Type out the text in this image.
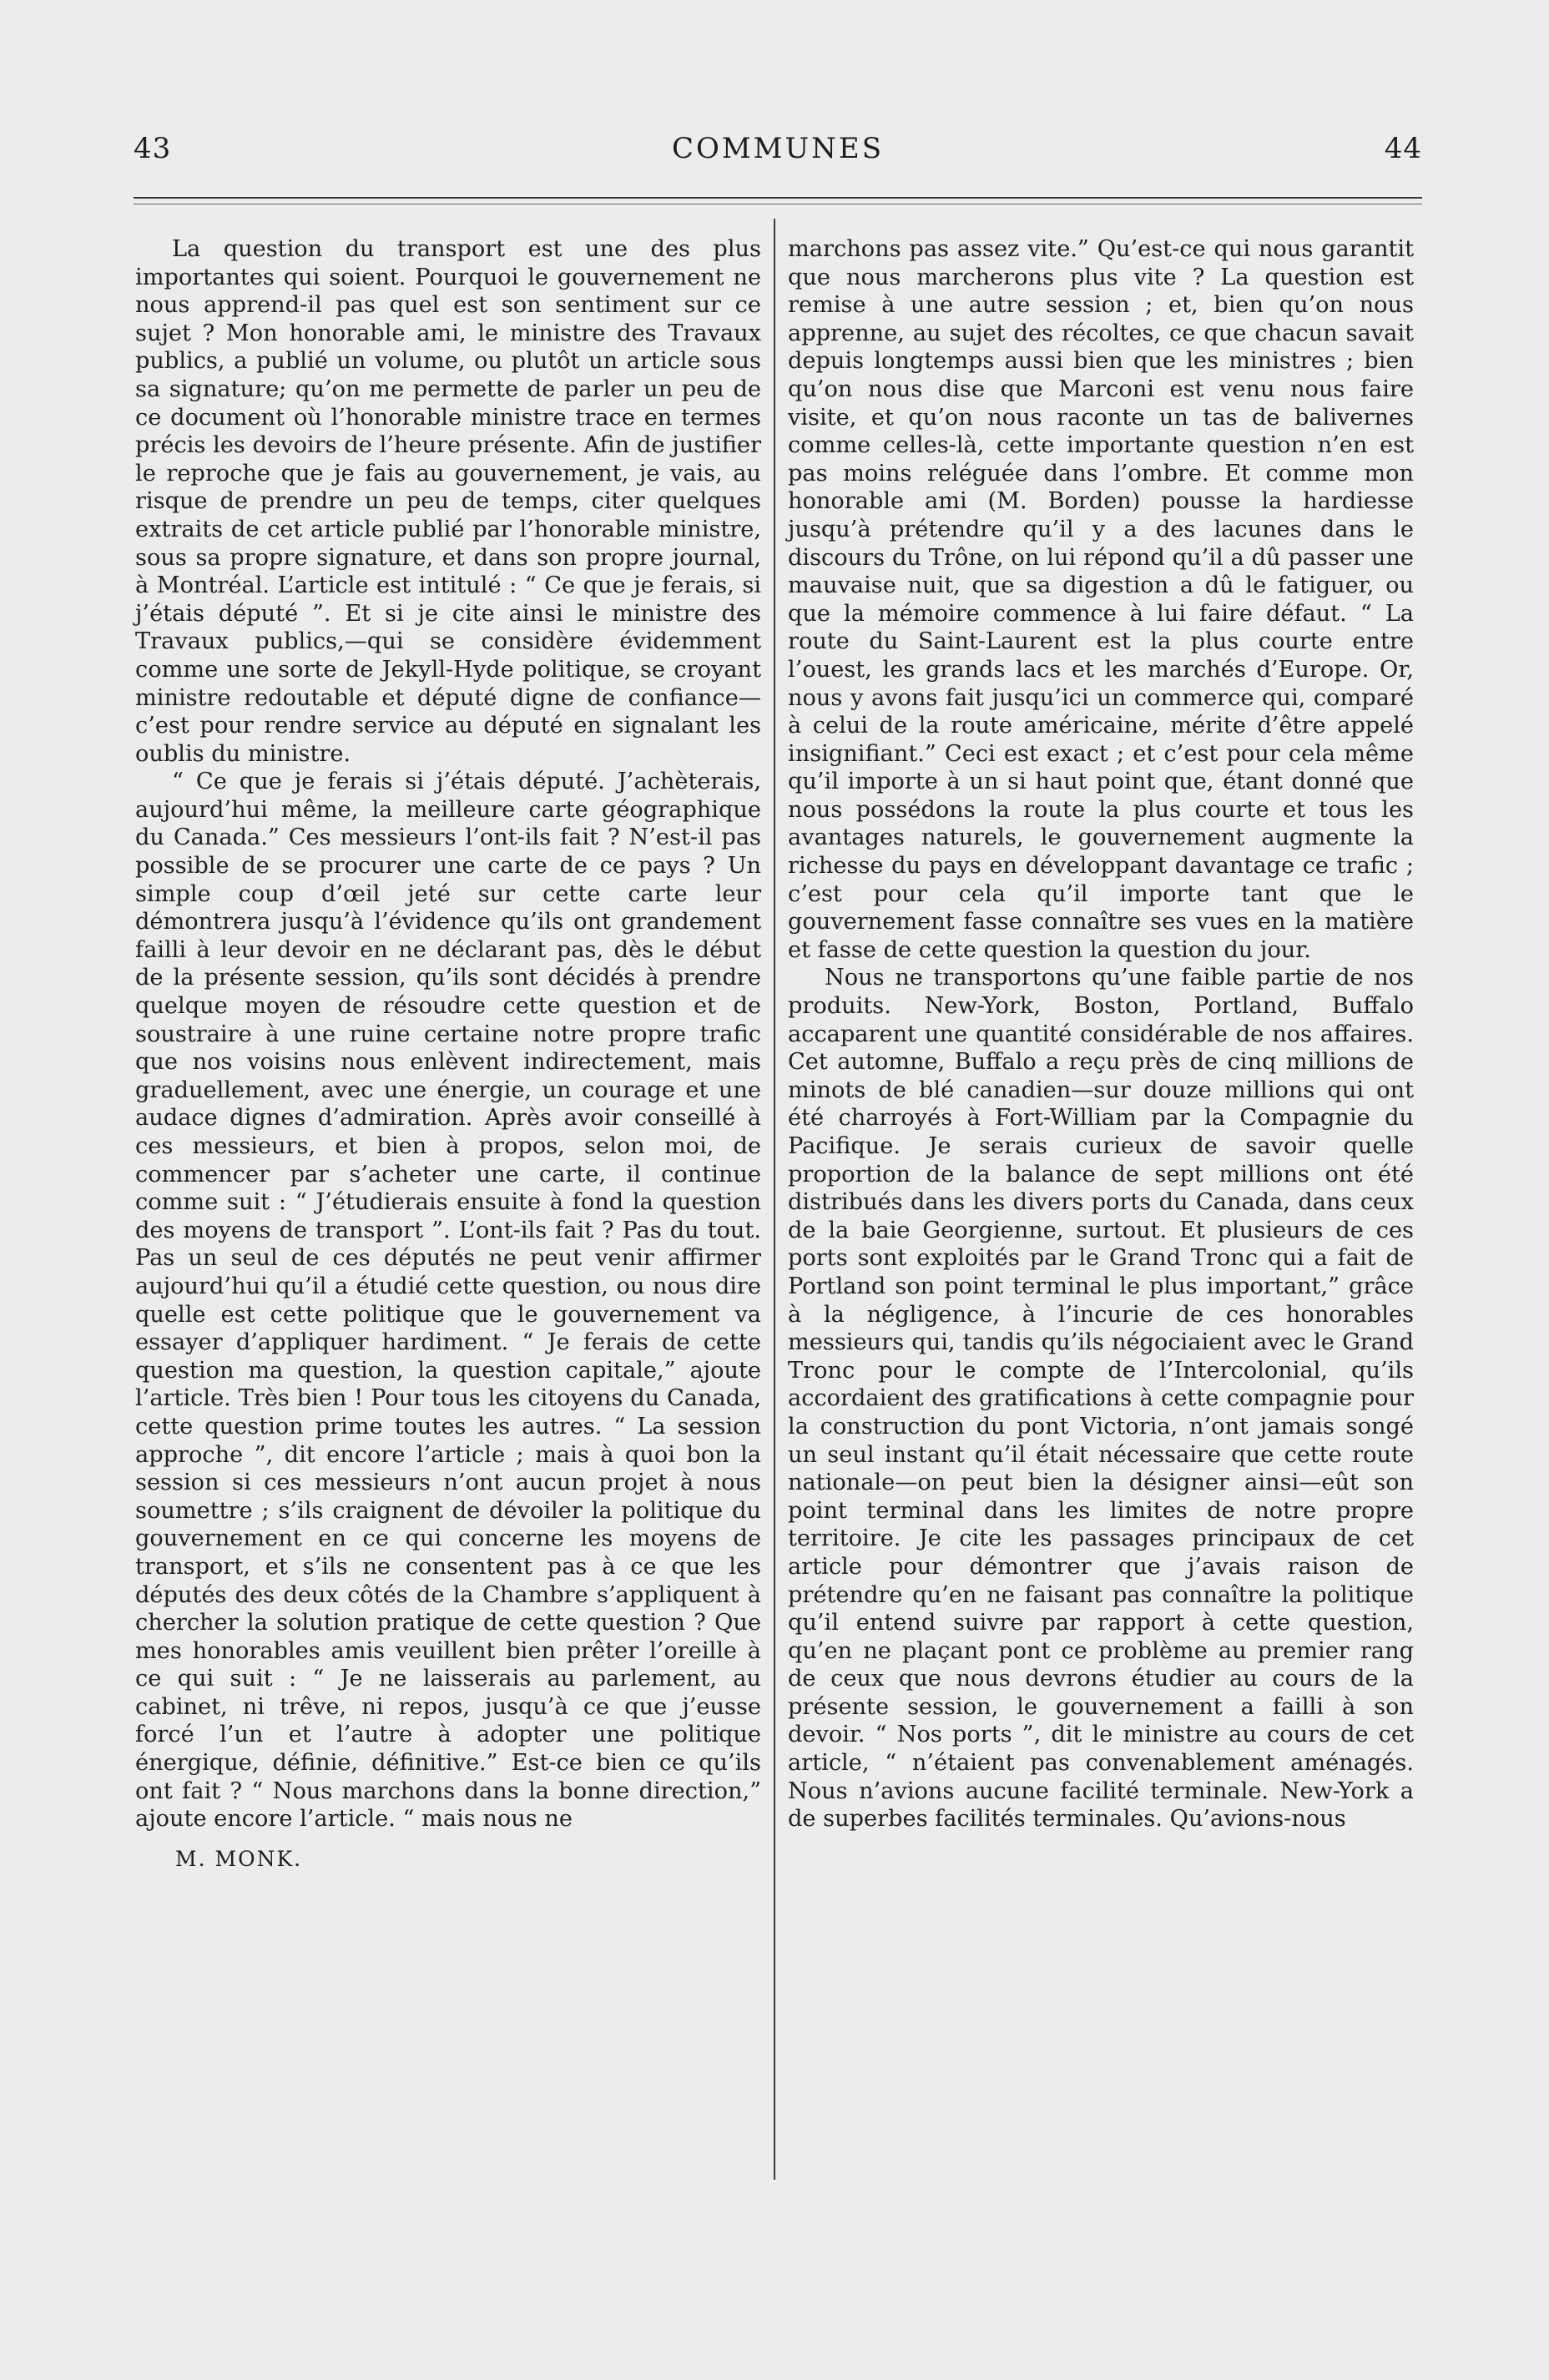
43	COMMUNES	44

La question du transport est une des plus importantes qui soient. Pourquoi le gouvernement ne nous apprend-il pas quel est son sentiment sur ce sujet ? Mon honorable ami, le ministre des Travaux publics, a publié un volume, ou plutôt un article sous sa signature; qu’on me permette de parler un peu de ce document où l’honorable ministre trace en termes précis les devoirs de l’heure présente. Afin de justifier le reproche que je fais au gouvernement, je vais, au risque de prendre un peu de temps, citer quelques extraits de cet article publié par l’honorable ministre, sous sa propre signature, et dans son propre journal, à Montréal. L’article est intitulé : “ Ce que je ferais, si j’étais député ”. Et si je cite ainsi le ministre des Travaux publics,—qui se considère évidemment comme une sorte de Jekyll-Hyde politique, se croyant ministre redoutable et député digne de confiance—c’est pour rendre service au député en signalant les oublis du ministre.

“ Ce que je ferais si j’étais député. J’achèterais, aujourd’hui même, la meilleure carte géographique du Canada.” Ces messieurs l’ont-ils fait ? N’est-il pas possible de se procurer une carte de ce pays ? Un simple coup d’œil jeté sur cette carte leur démontrera jusqu’à l’évidence qu’ils ont grandement failli à leur devoir en ne déclarant pas, dès le début de la présente session, qu’ils sont décidés à prendre quelque moyen de résoudre cette question et de soustraire à une ruine certaine notre propre trafic que nos voisins nous enlèvent indirectement, mais graduellement, avec une énergie, un courage et une audace dignes d’admiration. Après avoir conseillé à ces messieurs, et bien à propos, selon moi, de commencer par s’acheter une carte, il continue comme suit : “ J’étudierais ensuite à fond la question des moyens de transport ”. L’ont-ils fait ? Pas du tout. Pas un seul de ces députés ne peut venir affirmer aujourd’hui qu’il a étudié cette question, ou nous dire quelle est cette politique que le gouvernement va essayer d’appliquer hardiment. “ Je ferais de cette question ma question, la question capitale,” ajoute l’article. Très bien ! Pour tous les citoyens du Canada, cette question prime toutes les autres. “ La session approche ”, dit encore l’article ; mais à quoi bon la session si ces messieurs n’ont aucun projet à nous soumettre ; s’ils craignent de dévoiler la politique du gouvernement en ce qui concerne les moyens de transport, et s’ils ne consentent pas à ce que les députés des deux côtés de la Chambre s’appliquent à chercher la solution pratique de cette question ? Que mes honorables amis veuillent bien prêter l’oreille à ce qui suit : “ Je ne laisserais au parlement, au cabinet, ni trêve, ni repos, jusqu’à ce que j’eusse forcé l’un et l’autre à adopter une politique énergique, définie, définitive.” Est-ce bien ce qu’ils ont fait ? “ Nous marchons dans la bonne direction,” ajoute encore l’article. “ mais nous ne

M. MONK.

marchons pas assez vite.” Qu’est-ce qui nous garantit que nous marcherons plus vite ? La question est remise à une autre session ; et, bien qu’on nous apprenne, au sujet des récoltes, ce que chacun savait depuis longtemps aussi bien que les ministres ; bien qu’on nous dise que Marconi est venu nous faire visite, et qu’on nous raconte un tas de balivernes comme celles-là, cette importante question n’en est pas moins reléguée dans l’ombre. Et comme mon honorable ami (M. Borden) pousse la hardiesse jusqu’à prétendre qu’il y a des lacunes dans le discours du Trône, on lui répond qu’il a dû passer une mauvaise nuit, que sa digestion a dû le fatiguer, ou que la mémoire commence à lui faire défaut. “ La route du Saint-Laurent est la plus courte entre l’ouest, les grands lacs et les marchés d’Europe. Or, nous y avons fait jusqu’ici un commerce qui, comparé à celui de la route américaine, mérite d’être appelé insignifiant.” Ceci est exact ; et c’est pour cela même qu’il importe à un si haut point que, étant donné que nous possédons la route la plus courte et tous les avantages naturels, le gouvernement augmente la richesse du pays en développant davantage ce trafic ; c’est pour cela qu’il importe tant que le gouvernement fasse connaître ses vues en la matière et fasse de cette question la question du jour.

Nous ne transportons qu’une faible partie de nos produits. New-York, Boston, Portland, Buffalo accaparent une quantité considérable de nos affaires. Cet automne, Buffalo a reçu près de cinq millions de minots de blé canadien—sur douze millions qui ont été charroyés à Fort-William par la Compagnie du Pacifique. Je serais curieux de savoir quelle proportion de la balance de sept millions ont été distribués dans les divers ports du Canada, dans ceux de la baie Georgienne, surtout. Et plusieurs de ces ports sont exploités par le Grand Tronc qui a fait de Portland son point terminal le plus important,” grâce à la négligence, à l’incurie de ces honorables messieurs qui, tandis qu’ils négociaient avec le Grand Tronc pour le compte de l’Intercolonial, qu’ils accordaient des gratifications à cette compagnie pour la construction du pont Victoria, n’ont jamais songé un seul instant qu’il était nécessaire que cette route nationale—on peut bien la désigner ainsi—eût son point terminal dans les limites de notre propre territoire. Je cite les passages principaux de cet article pour démontrer que j’avais raison de prétendre qu’en ne faisant pas connaître la politique qu’il entend suivre par rapport à cette question, qu’en ne plaçant pont ce problème au premier rang de ceux que nous devrons étudier au cours de la présente session, le gouvernement a failli à son devoir. “ Nos ports ”, dit le ministre au cours de cet article, “ n’étaient pas convenablement aménagés. Nous n’avions aucune facilité terminale. New-York a de superbes facilités terminales. Qu’avions-nous
